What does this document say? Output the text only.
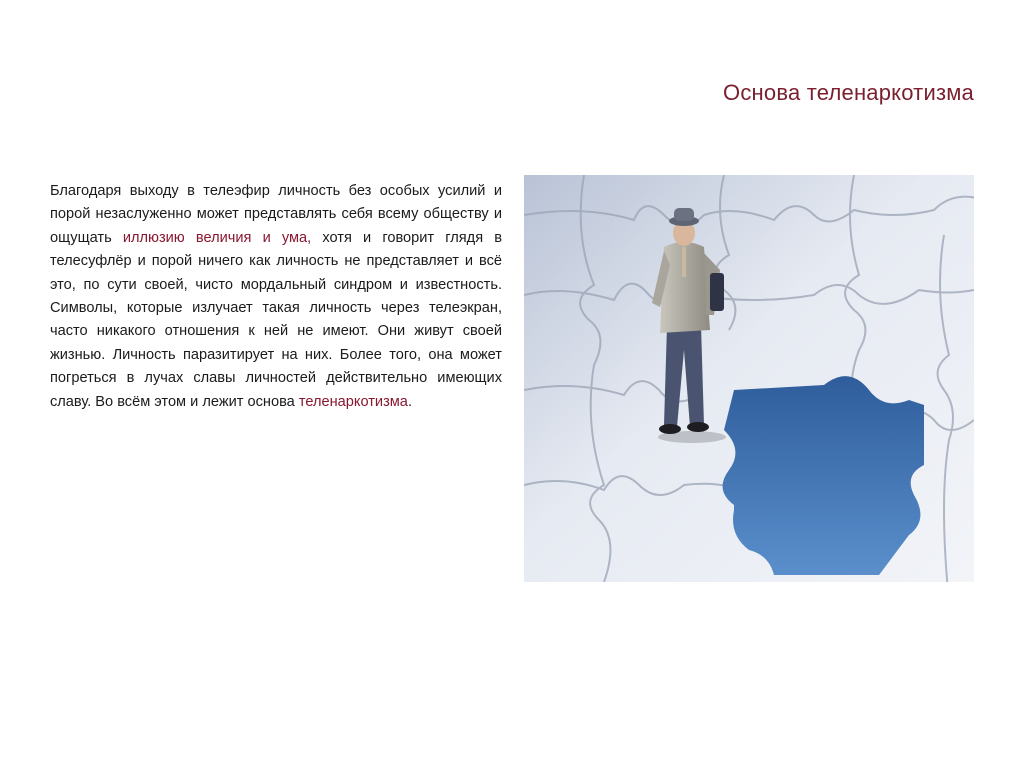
Основа теленаркотизма
Благодаря выходу в телеэфир личность без особых усилий и порой незаслуженно может представлять себя всему обществу и ощущать иллюзию величия и ума, хотя и говорит глядя в телесуфлёр и порой ничего как личность не представляет и всё это, по сути своей, чисто мордальный синдром и известность. Символы, которые излучает такая личность через телеэкран, часто никакого отношения к ней не имеют. Они живут своей жизнью. Личность паразитирует на них. Более того, она может погреться в лучах славы личностей действительно имеющих славу. Во всём этом и лежит основа теленаркотизма.
